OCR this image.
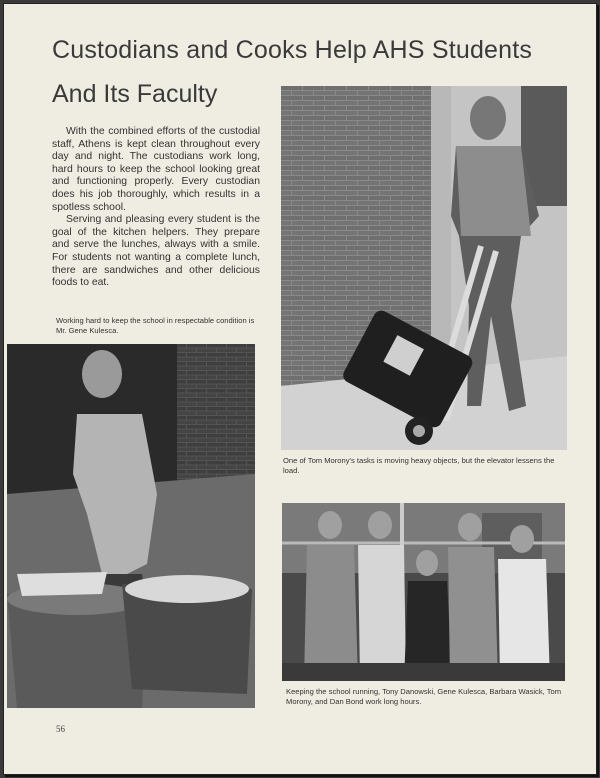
Custodians and Cooks Help AHS Students
And Its Faculty

With the combined efforts of the custodial staff, Athens is kept clean throughout every day and night. The custodians work long, hard hours to keep the school looking great and functioning properly. Every custodian does his job thoroughly, which results in a spotless school.

Serving and pleasing every student is the goal of the kitchen helpers. They prepare and serve the lunches, always with a smile. For students not wanting a complete lunch, there are sandwiches and other delicious foods to eat.

One of Tom Morony's tasks is moving heavy objects, but the elevator lessens the load.
Working hard to keep the school in respectable condition is Mr. Gene Kulesca.
Keeping the school running, Tony Danowski, Gene Kulesca, Barbara Wasick, Tom Morony, and Dan Bond work long hours.
56
